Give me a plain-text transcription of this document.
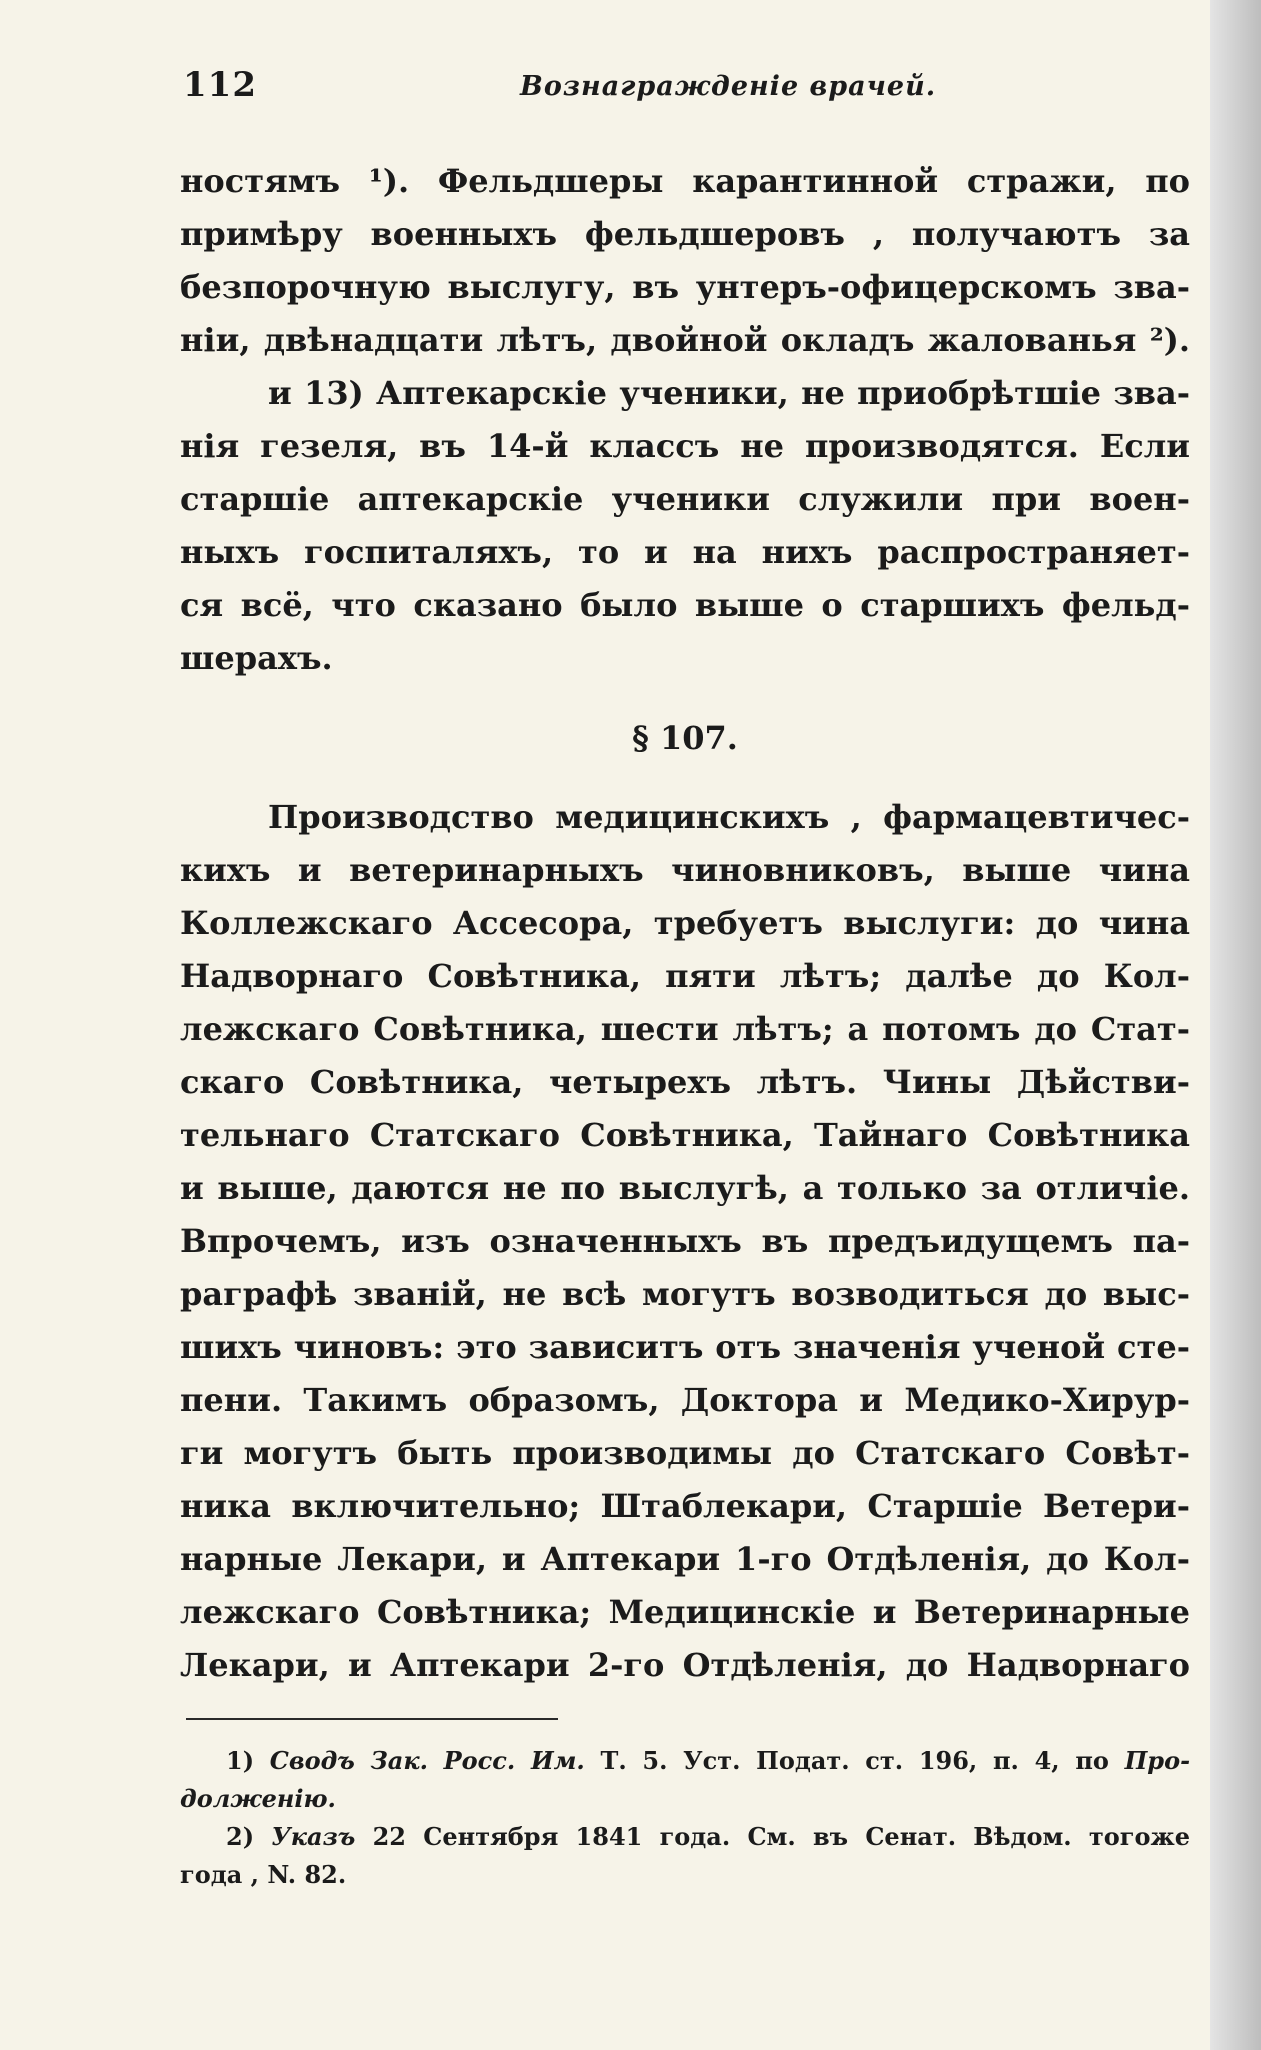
112	Вознагражденіе врачей.
ностямъ ¹). Фельдшеры карантинной стражи, по
примѣру военныхъ фельдшеровъ , получаютъ за
безпорочную выслугу, въ унтеръ-офицерскомъ зва-
нiи, двѣнадцати лѣтъ, двойной окладъ жалованья ²).
и 13) Аптекарскiе ученики, не приобрѣтшiе зва-
нiя гезеля, въ 14-й классъ не производятся. Если
старшiе аптекарскiе ученики служили при воен-
ныхъ госпиталяхъ, то и на нихъ распространяет-
ся всё, что сказано было выше о старшихъ фельд-
шерахъ.
§ 107.
Производство медицинскихъ , фармацевтичес-
кихъ и ветеринарныхъ чиновниковъ, выше чина
Коллежскаго Ассесора, требуетъ выслуги: до чина
Надворнаго Совѣтника, пяти лѣтъ; далѣе до Кол-
лежскаго Совѣтника, шести лѣтъ; а потомъ до Стат-
скаго Совѣтника, четырехъ лѣтъ. Чины Дѣйстви-
тельнаго Статскаго Совѣтника, Тайнаго Совѣтника
и выше, даются не по выслугѣ, а только за отличiе.
Впрочемъ, изъ означенныхъ въ предъидущемъ па-
раграфѣ званiй, не всѣ могутъ возводиться до выс-
шихъ чиновъ: это зависитъ отъ значенiя ученой сте-
пени. Такимъ образомъ, Доктора и Медико-Хирур-
ги могутъ быть производимы до Статскаго Совѣт-
ника включительно; Штаблекари, Старшiе Ветери-
нарные Лекари, и Аптекари 1-го Отдѣленiя, до Кол-
лежскаго Совѣтника; Медицинскiе и Ветеринарные
Лекари, и Аптекари 2-го Отдѣленiя, до Надворнаго
1) Сводъ Зак. Росс. Им. Т. 5. Уст. Подат. ст. 196, п. 4, по Про-
долженiю.
2) Указъ 22 Сентября 1841 года. См. въ Сенат. Вѣдом. тогоже
года , N. 82.
